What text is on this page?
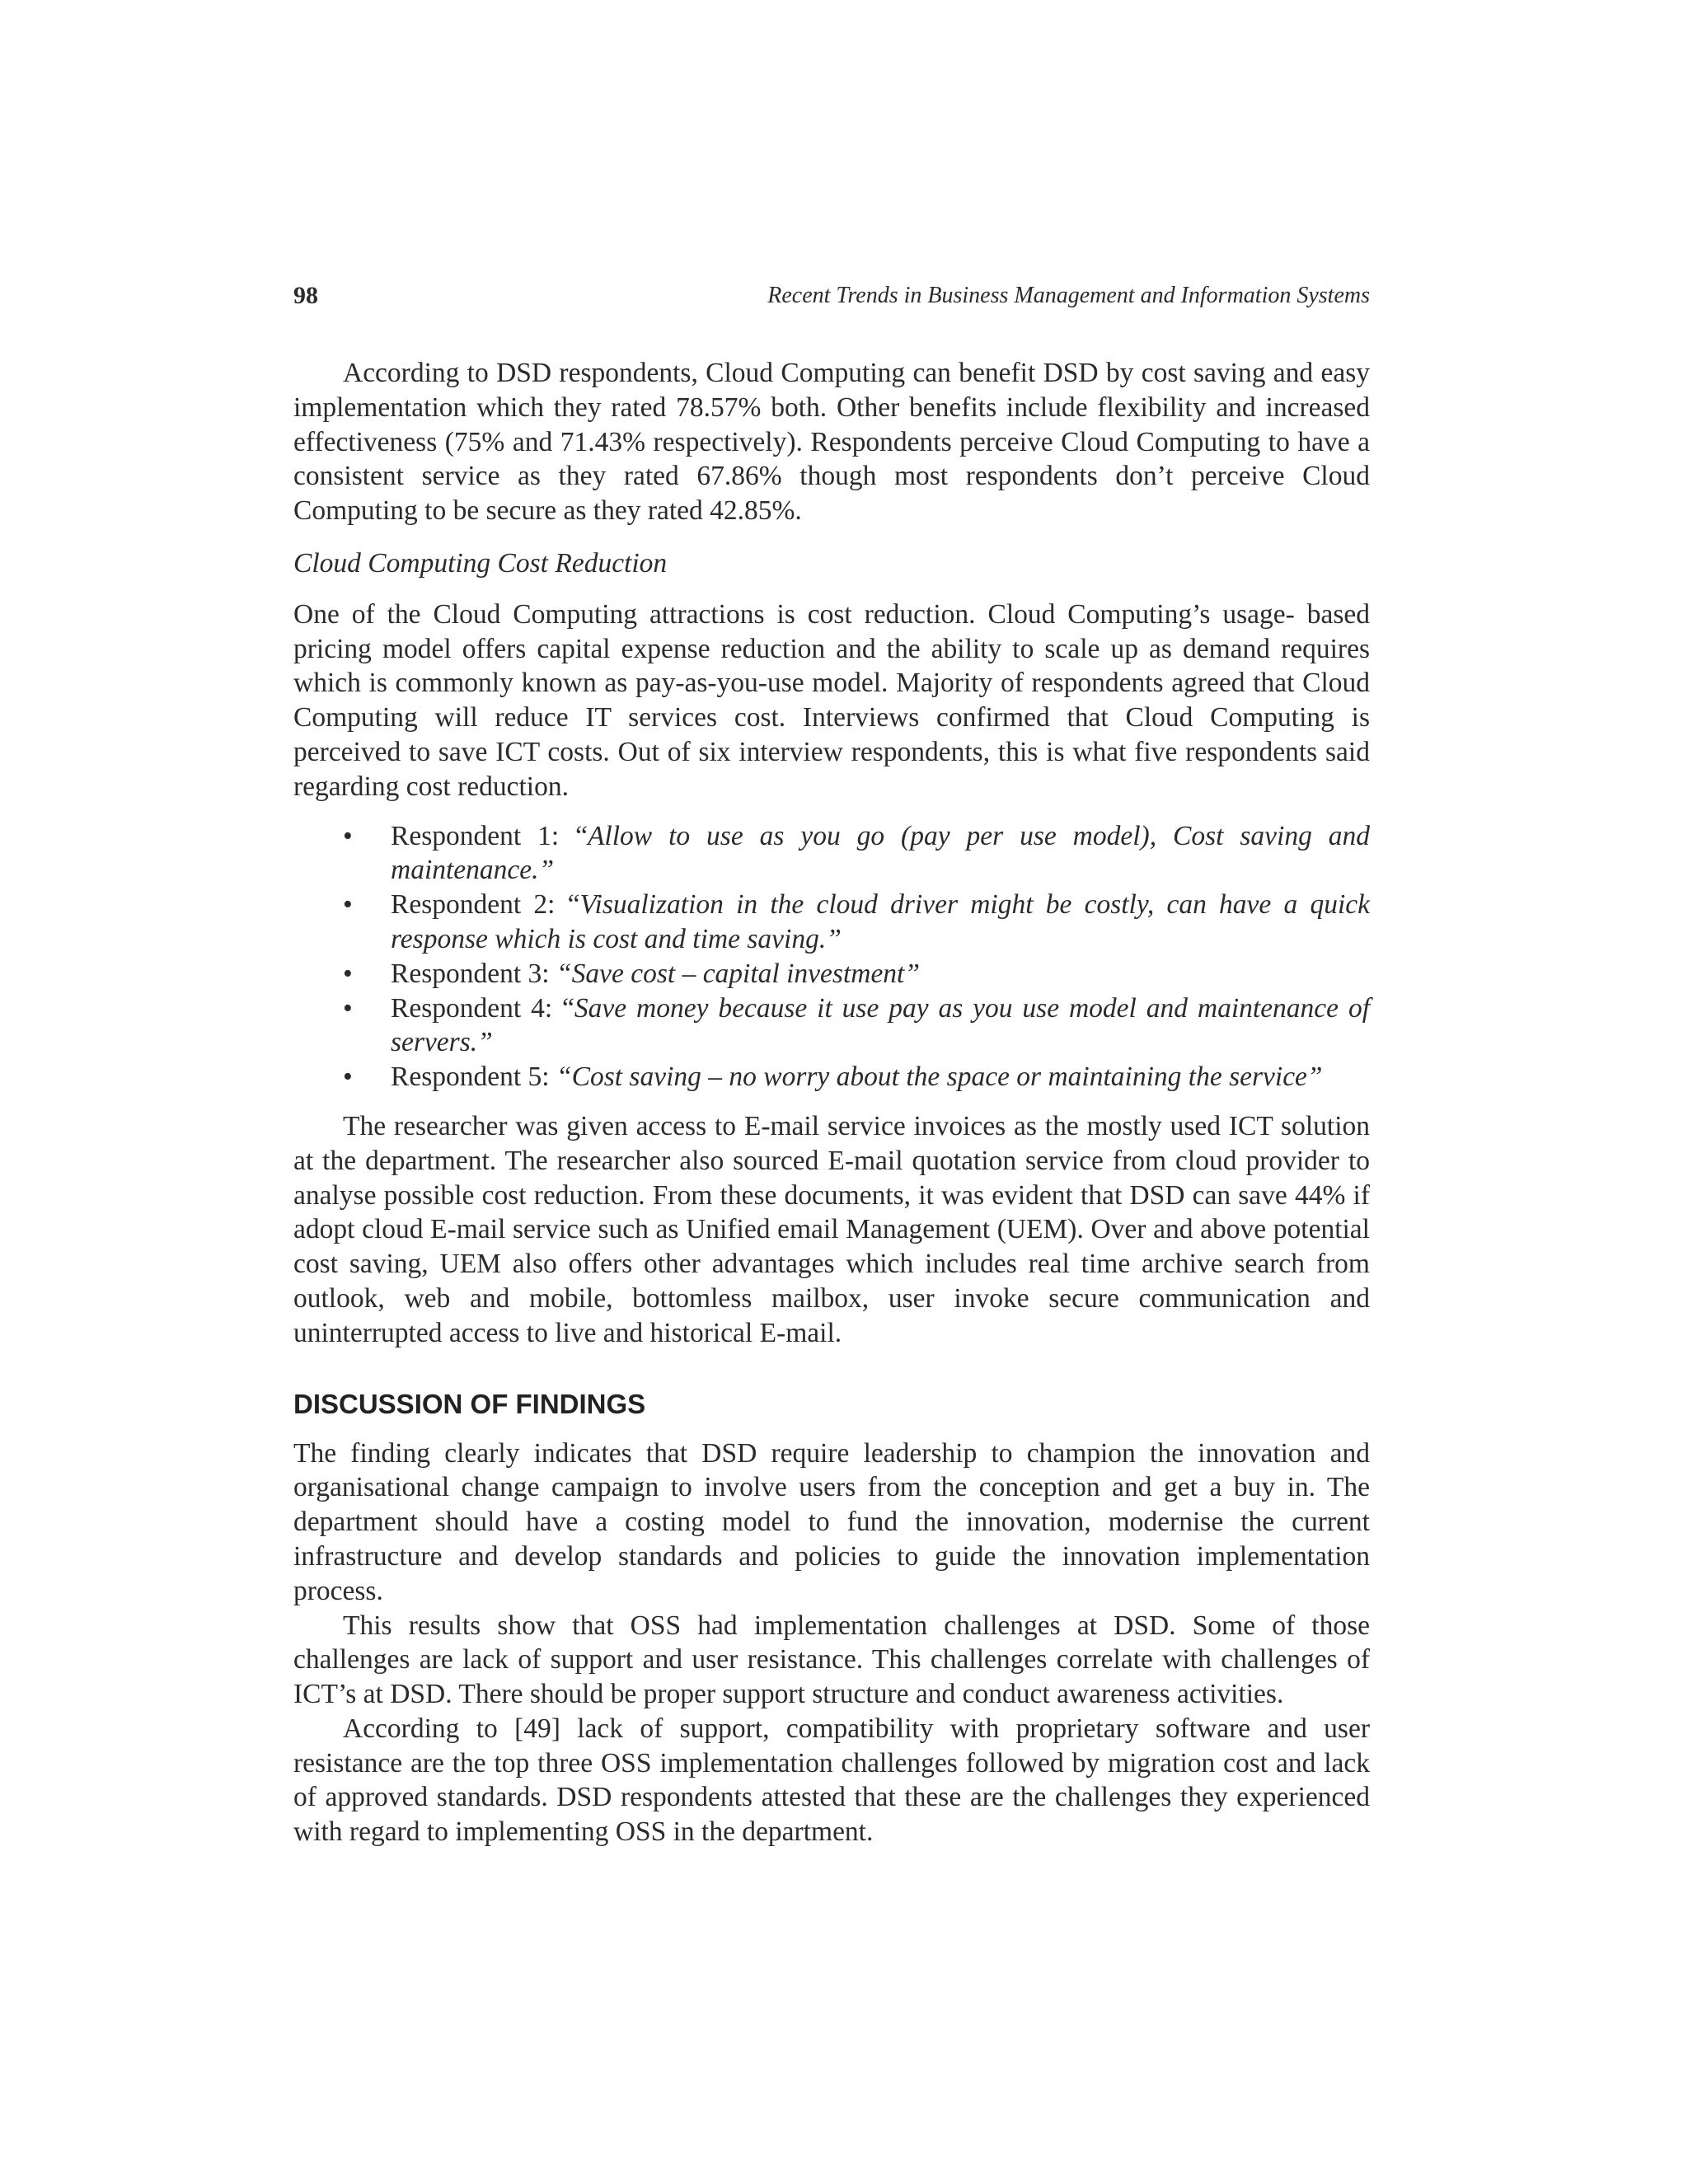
98	Recent Trends in Business Management and Information Systems

According to DSD respondents, Cloud Computing can benefit DSD by cost saving and easy implementation which they rated 78.57% both. Other benefits include flexibility and increased effectiveness (75% and 71.43% respectively). Respondents perceive Cloud Computing to have a consistent service as they rated 67.86% though most respondents don’t perceive Cloud Computing to be secure as they rated 42.85%.

Cloud Computing Cost Reduction

One of the Cloud Computing attractions is cost reduction. Cloud Computing’s usage- based pricing model offers capital expense reduction and the ability to scale up as demand requires which is commonly known as pay-as-you-use model. Majority of respondents agreed that Cloud Computing will reduce IT services cost. Interviews confirmed that Cloud Computing is perceived to save ICT costs. Out of six interview respondents, this is what five respondents said regarding cost reduction.

• Respondent 1: “Allow to use as you go (pay per use model), Cost saving and maintenance.”
• Respondent 2: “Visualization in the cloud driver might be costly, can have a quick response which is cost and time saving.”
• Respondent 3: “Save cost – capital investment”
• Respondent 4: “Save money because it use pay as you use model and maintenance of servers.”
• Respondent 5: “Cost saving – no worry about the space or maintaining the service”

The researcher was given access to E-mail service invoices as the mostly used ICT solution at the department. The researcher also sourced E-mail quotation service from cloud provider to analyse possible cost reduction. From these documents, it was evident that DSD can save 44% if adopt cloud E-mail service such as Unified email Management (UEM). Over and above potential cost saving, UEM also offers other advantages which includes real time archive search from outlook, web and mobile, bottomless mailbox, user invoke secure communication and uninterrupted access to live and historical E-mail.

DISCUSSION OF FINDINGS

The finding clearly indicates that DSD require leadership to champion the innovation and organisational change campaign to involve users from the conception and get a buy in. The department should have a costing model to fund the innovation, modernise the current infrastructure and develop standards and policies to guide the innovation implementation process.

This results show that OSS had implementation challenges at DSD. Some of those challenges are lack of support and user resistance. This challenges correlate with challenges of ICT’s at DSD. There should be proper support structure and conduct awareness activities.

According to [49] lack of support, compatibility with proprietary software and user resistance are the top three OSS implementation challenges followed by migration cost and lack of approved standards. DSD respondents attested that these are the challenges they experienced with regard to implementing OSS in the department.
